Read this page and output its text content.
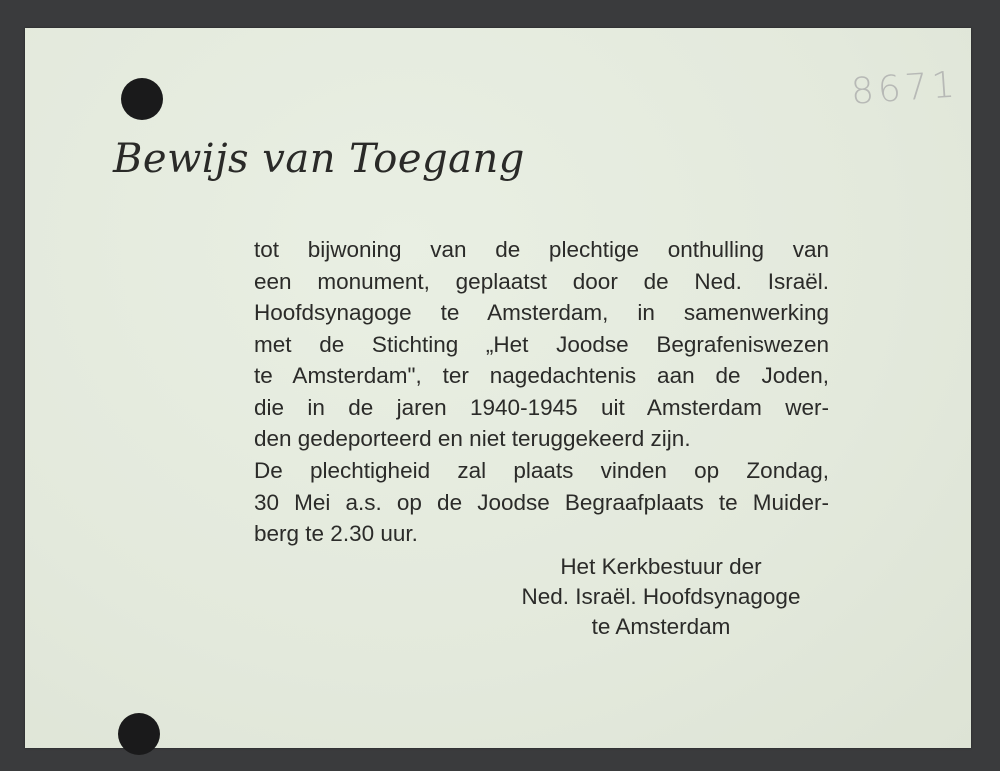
8671
Bewijs van Toegang
tot bijwoning van de plechtige onthulling van
een monument, geplaatst door de Ned. Israël.
Hoofdsynagoge te Amsterdam, in samenwerking
met de Stichting „Het Joodse Begrafeniswezen
te Amsterdam", ter nagedachtenis aan de Joden,
die in de jaren 1940-1945 uit Amsterdam wer-
den gedeporteerd en niet teruggekeerd zijn.
De plechtigheid zal plaats vinden op Zondag,
30 Mei a.s. op de Joodse Begraafplaats te Muider-
berg te 2.30 uur.
Het Kerkbestuur der
Ned. Israël. Hoofdsynagoge
te Amsterdam
